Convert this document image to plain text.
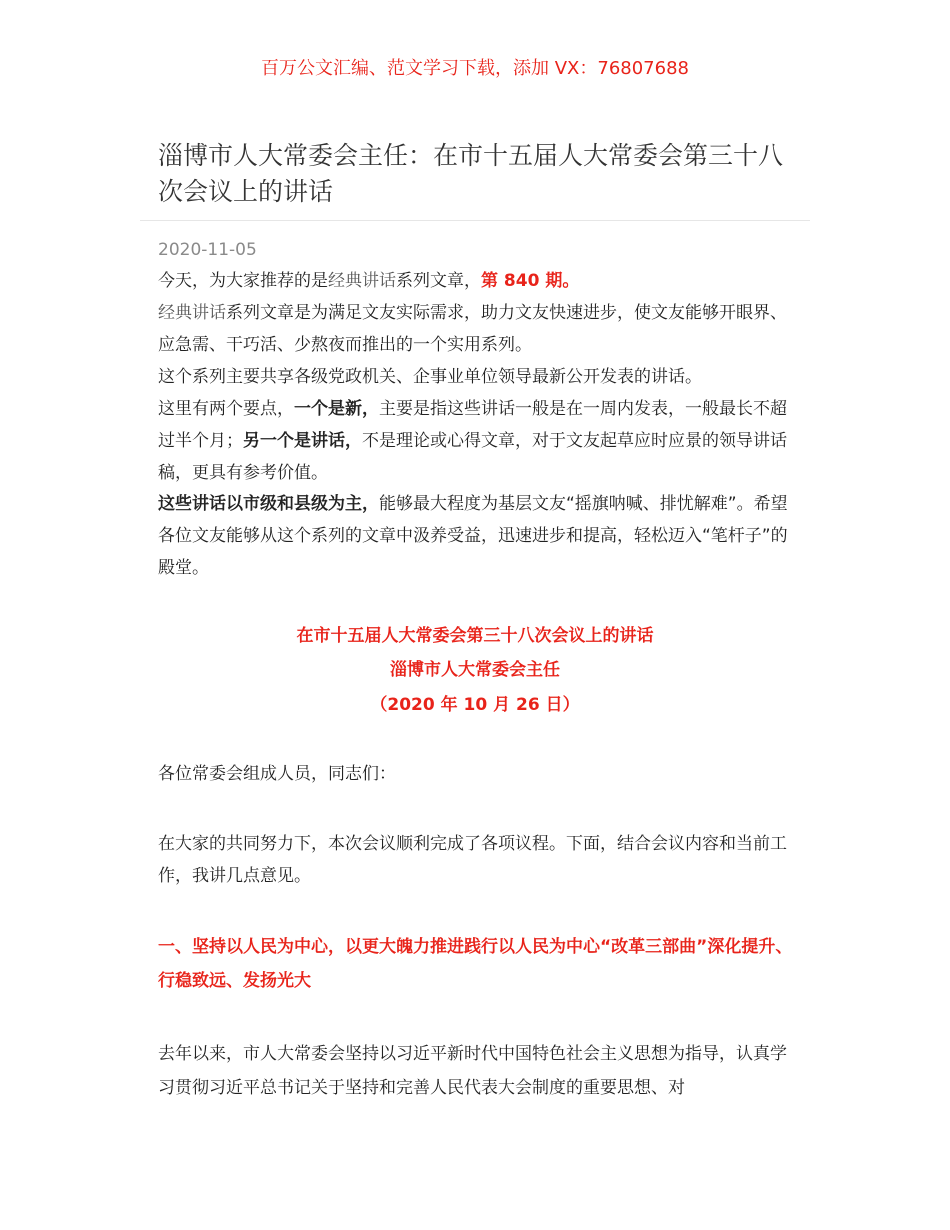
百万公文汇编、范文学习下载，添加 VX：76807688
淄博市人大常委会主任：在市十五届人大常委会第三十八次会议上的讲话
2020-11-05

今天，为大家推荐的是经典讲话系列文章，第 840 期。

经典讲话系列文章是为满足文友实际需求，助力文友快速进步，使文友能够开眼界、应急需、干巧活、少熬夜而推出的一个实用系列。

这个系列主要共享各级党政机关、企事业单位领导最新公开发表的讲话。

这里有两个要点，一个是新，主要是指这些讲话一般是在一周内发表，一般最长不超过半个月；另一个是讲话，不是理论或心得文章，对于文友起草应时应景的领导讲话稿，更具有参考价值。

这些讲话以市级和县级为主，能够最大程度为基层文友“摇旗呐喊、排忧解难”。希望各位文友能够从这个系列的文章中汲养受益，迅速进步和提高，轻松迈入“笔杆子”的殿堂。

在市十五届人大常委会第三十八次会议上的讲话
淄博市人大常委会主任
（2020 年 10 月 26 日）

各位常委会组成人员，同志们：

在大家的共同努力下，本次会议顺利完成了各项议程。下面，结合会议内容和当前工作，我讲几点意见。

一、坚持以人民为中心，以更大魄力推进践行以人民为中心“改革三部曲”深化提升、行稳致远、发扬光大

去年以来，市人大常委会坚持以习近平新时代中国特色社会主义思想为指导，认真学习贯彻习近平总书记关于坚持和完善人民代表大会制度的重要思想、对
